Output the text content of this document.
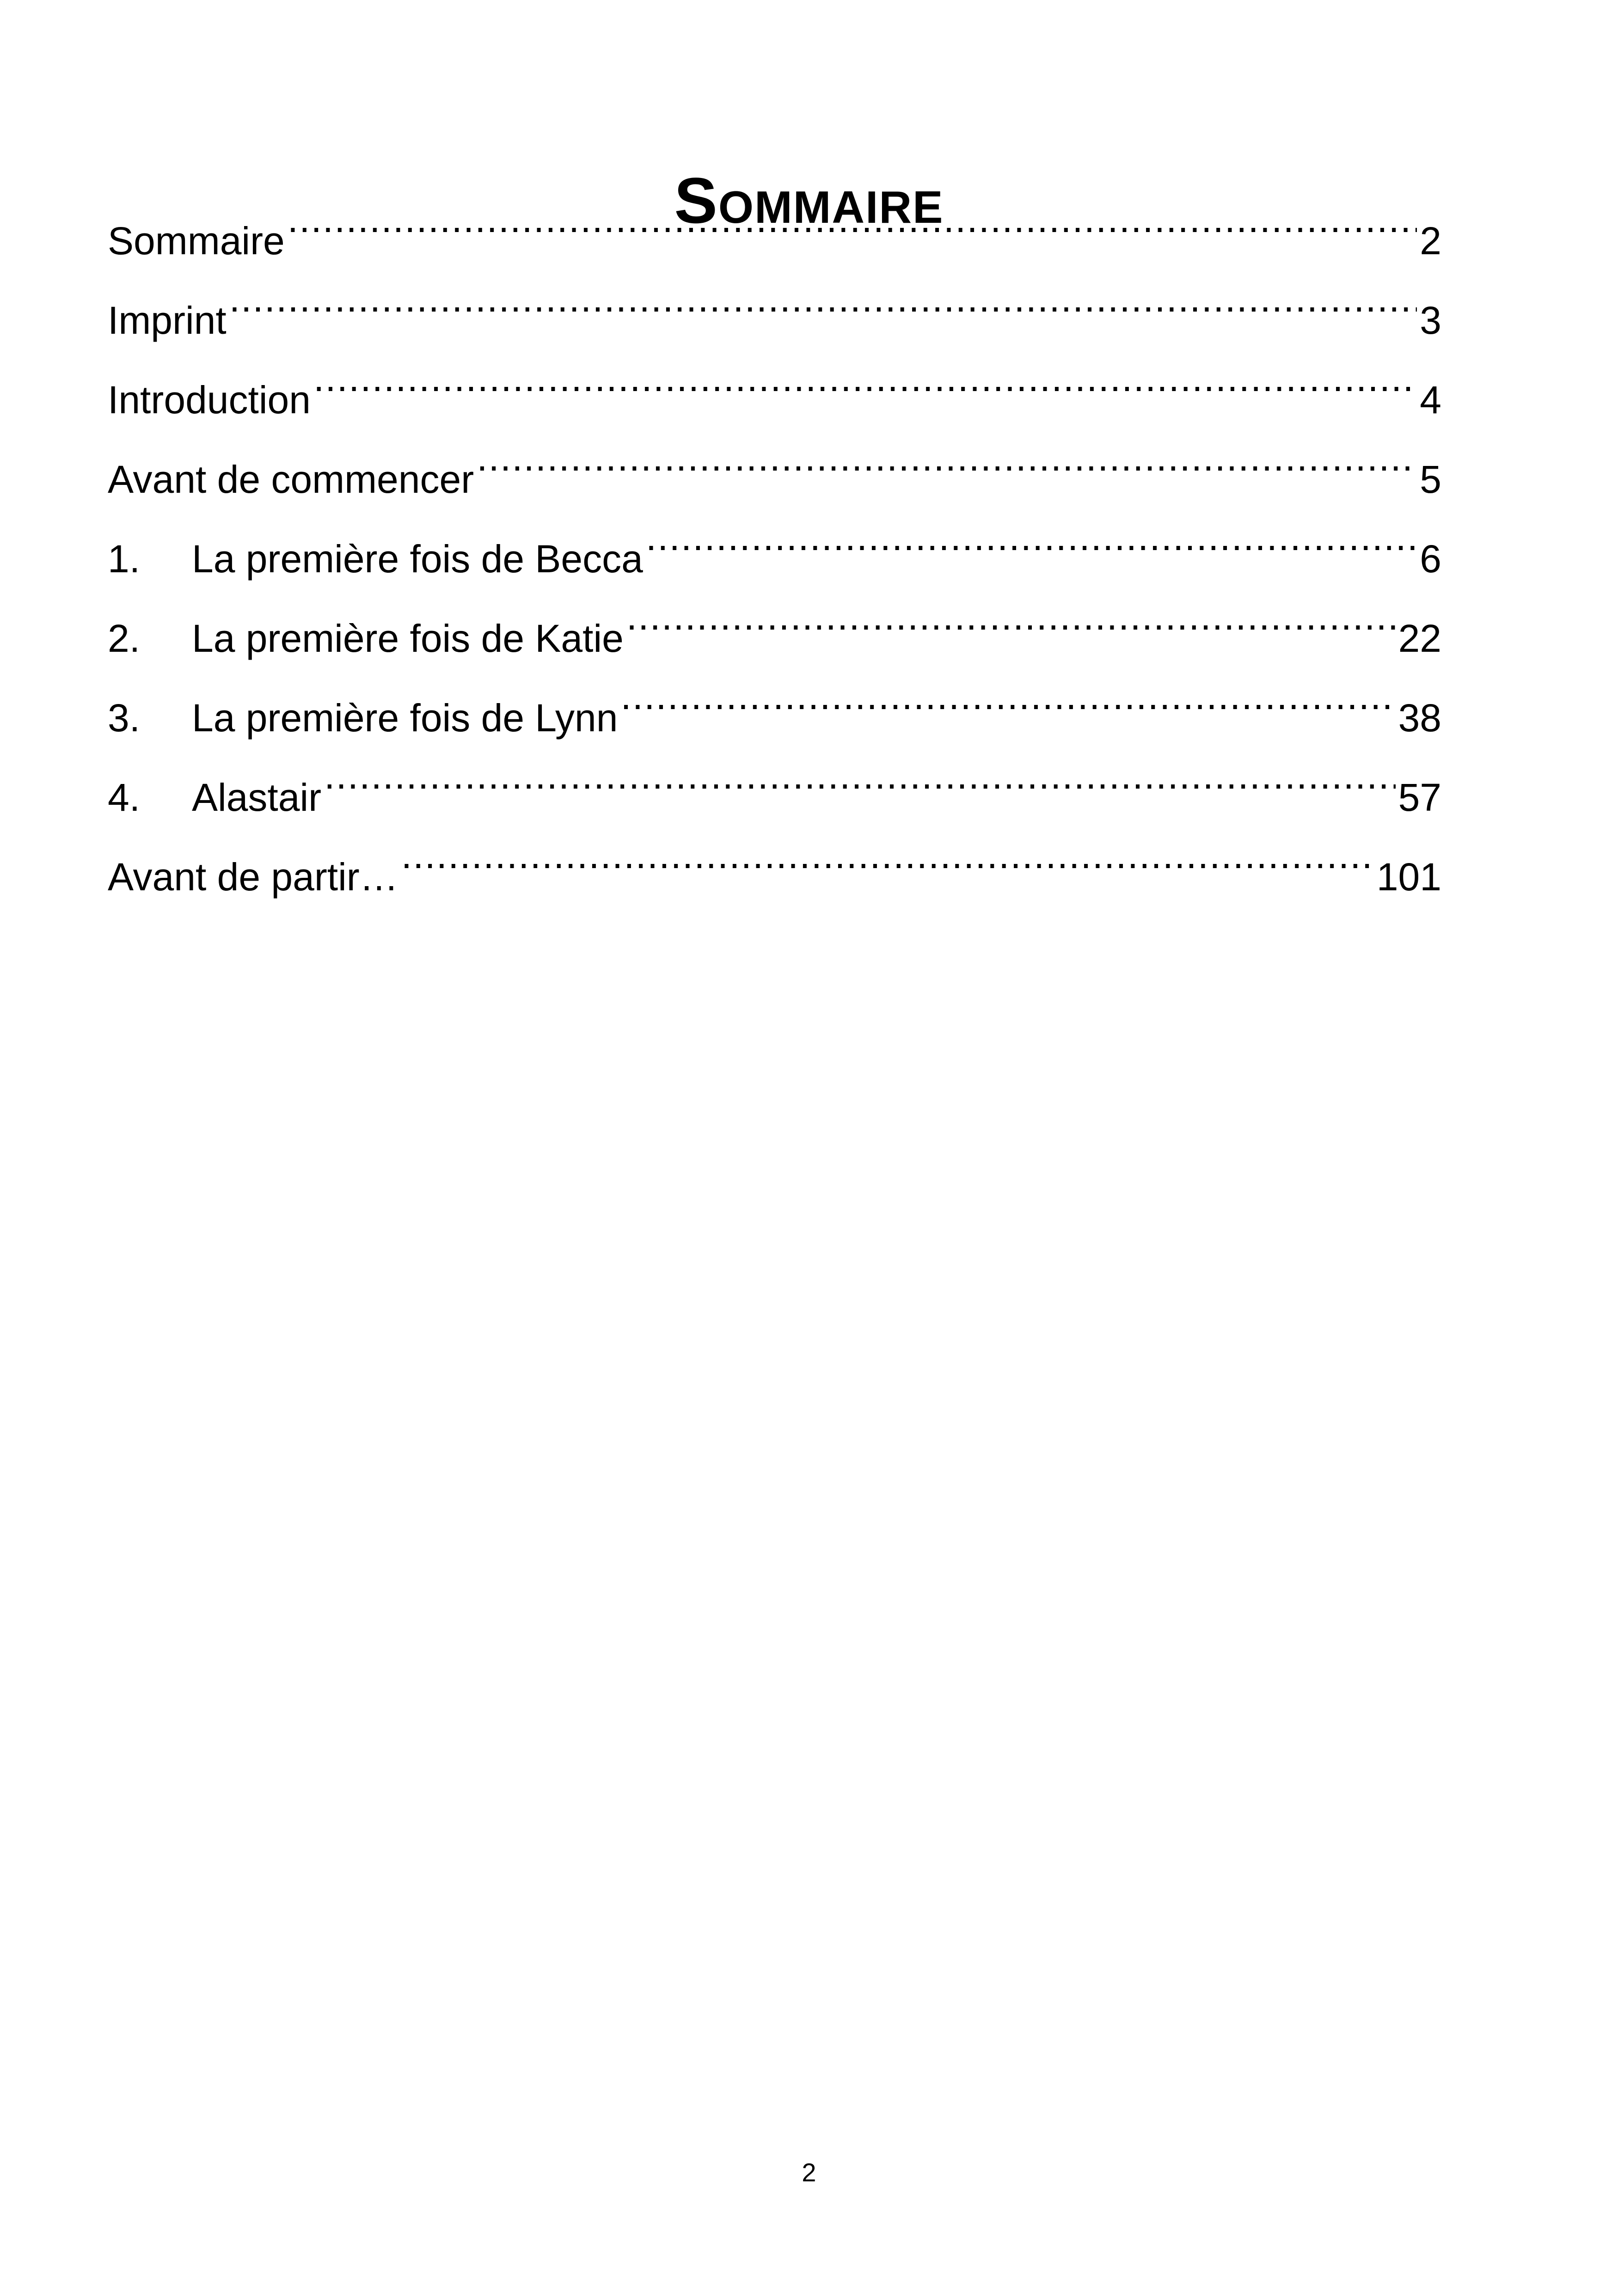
Sommaire
Sommaire .....	2
Imprint .....	3
Introduction .....	4
Avant de commencer .....	5
1.	La première fois de Becca .....	6
2.	La première fois de Katie .....	22
3.	La première fois de Lynn .....	38
4.	Alastair .....	57
Avant de partir… .....	101
2
